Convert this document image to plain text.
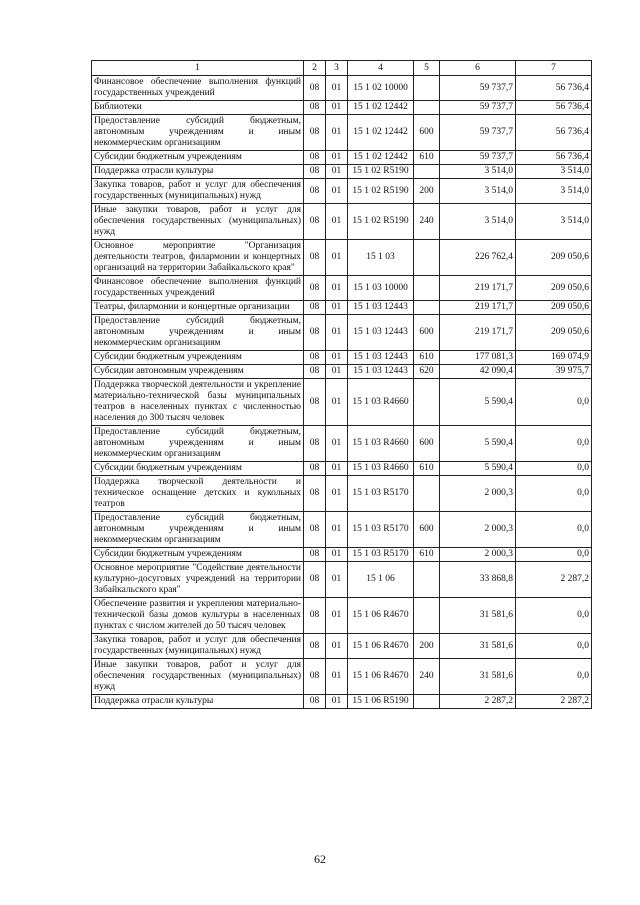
1	2	3	4	5	6	7
Финансовое обеспечение выполнения функций государственных учреждений	08	01	15 1 02 10000		59 737,7	56 736,4
Библиотеки	08	01	15 1 02 12442		59 737,7	56 736,4
Предоставление субсидий бюджетным, автономным учреждениям и иным некоммерческим организациям	08	01	15 1 02 12442	600	59 737,7	56 736,4
Субсидии бюджетным учреждениям	08	01	15 1 02 12442	610	59 737,7	56 736,4
Поддержка отрасли культуры	08	01	15 1 02 R5190		3 514,0	3 514,0
Закупка товаров, работ и услуг для обеспечения государственных (муниципальных) нужд	08	01	15 1 02 R5190	200	3 514,0	3 514,0
Иные закупки товаров, работ и услуг для обеспечения государственных (муниципальных) нужд	08	01	15 1 02 R5190	240	3 514,0	3 514,0
Основное мероприятие "Организация деятельности театров, филармонии и концертных организаций на территории Забайкальского края"	08	01	15 1 03		226 762,4	209 050,6
Финансовое обеспечение выполнения функций государственных учреждений	08	01	15 1 03 10000		219 171,7	209 050,6
Театры, филармонии и концертные организации	08	01	15 1 03 12443		219 171,7	209 050,6
Предоставление субсидий бюджетным, автономным учреждениям и иным некоммерческим организациям	08	01	15 1 03 12443	600	219 171,7	209 050,6
Субсидии бюджетным учреждениям	08	01	15 1 03 12443	610	177 081,3	169 074,9
Субсидии автономным учреждениям	08	01	15 1 03 12443	620	42 090,4	39 975,7
Поддержка творческой деятельности и укрепление материально-технической базы муниципальных театров в населенных пунктах с численностью населения до 300 тысяч человек	08	01	15 1 03 R4660		5 590,4	0,0
Предоставление субсидий бюджетным, автономным учреждениям и иным некоммерческим организациям	08	01	15 1 03 R4660	600	5 590,4	0,0
Субсидии бюджетным учреждениям	08	01	15 1 03 R4660	610	5 590,4	0,0
Поддержка творческой деятельности и техническое оснащение детских и кукольных театров	08	01	15 1 03 R5170		2 000,3	0,0
Предоставление субсидий бюджетным, автономным учреждениям и иным некоммерческим организациям	08	01	15 1 03 R5170	600	2 000,3	0,0
Субсидии бюджетным учреждениям	08	01	15 1 03 R5170	610	2 000,3	0,0
Основное мероприятие "Содействие деятельности культурно-досуговых учреждений на территории Забайкальского края"	08	01	15 1 06		33 868,8	2 287,2
Обеспечение развития и укрепления материально-технической базы домов культуры в населенных пунктах с числом жителей до 50 тысяч человек	08	01	15 1 06 R4670		31 581,6	0,0
Закупка товаров, работ и услуг для обеспечения государственных (муниципальных) нужд	08	01	15 1 06 R4670	200	31 581,6	0,0
Иные закупки товаров, работ и услуг для обеспечения государственных (муниципальных) нужд	08	01	15 1 06 R4670	240	31 581,6	0,0
Поддержка отрасли культуры	08	01	15 1 06 R5190		2 287,2	2 287,2
62
